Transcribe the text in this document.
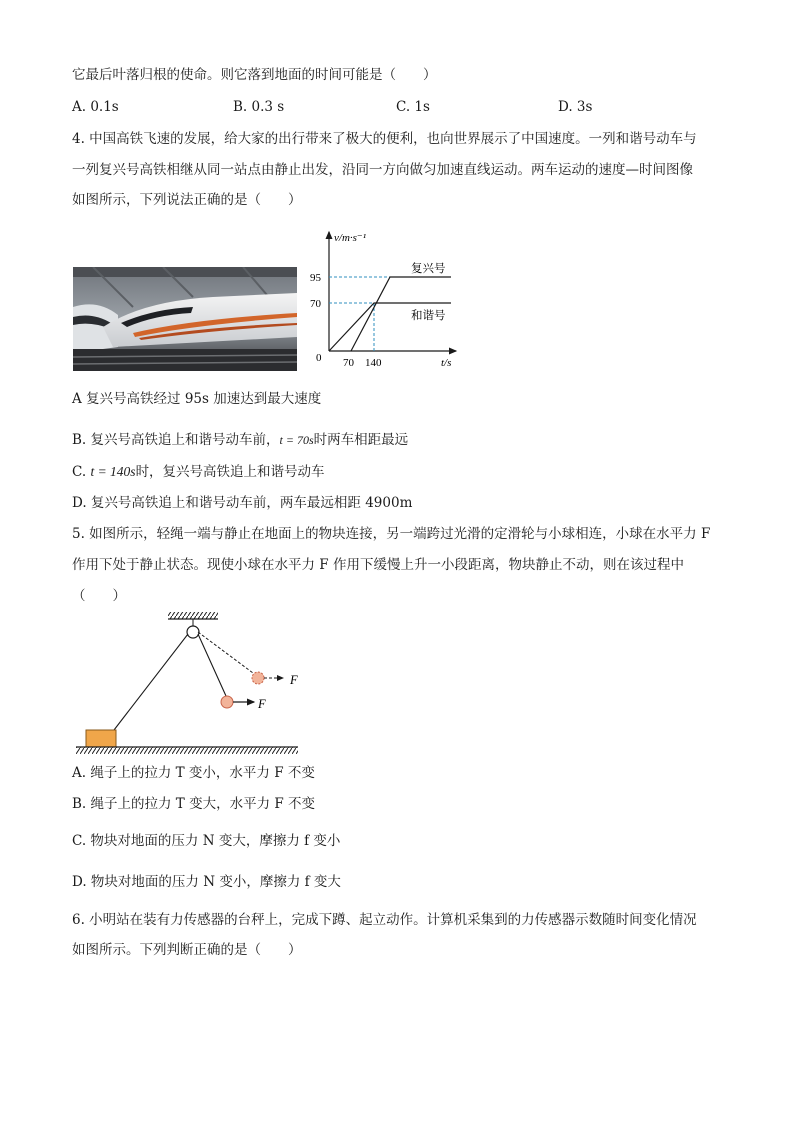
它最后叶落归根的使命。则它落到地面的时间可能是（　　）
A. 0.1s	B. 0.3 s	C. 1s	D. 3s
4. 中国高铁飞速的发展，给大家的出行带来了极大的便利，也向世界展示了中国速度。一列和谐号动车与
一列复兴号高铁相继从同一站点由静止出发，沿同一方向做匀加速直线运动。两车运动的速度—时间图像
如图所示，下列说法正确的是（　　）
v/m·s⁻¹
t/s
0
95
70
70 140
复兴号
和谐号
A 复兴号高铁经过 95s 加速达到最大速度
B. 复兴号高铁追上和谐号动车前，t = 70s时两车相距最远
C. t = 140s时，复兴号高铁追上和谐号动车
D. 复兴号高铁追上和谐号动车前，两车最远相距 4900m
5. 如图所示，轻绳一端与静止在地面上的物块连接，另一端跨过光滑的定滑轮与小球相连，小球在水平力 F
作用下处于静止状态。现使小球在水平力 F 作用下缓慢上升一小段距离，物块静止不动，则在该过程中
（　　）
F
F
A. 绳子上的拉力 T 变小，水平力 F 不变
B. 绳子上的拉力 T 变大，水平力 F 不变
C. 物块对地面的压力 N 变大，摩擦力 f 变小
D. 物块对地面的压力 N 变小，摩擦力 f 变大
6. 小明站在装有力传感器的台秤上，完成下蹲、起立动作。计算机采集到的力传感器示数随时间变化情况
如图所示。下列判断正确的是（　　）
